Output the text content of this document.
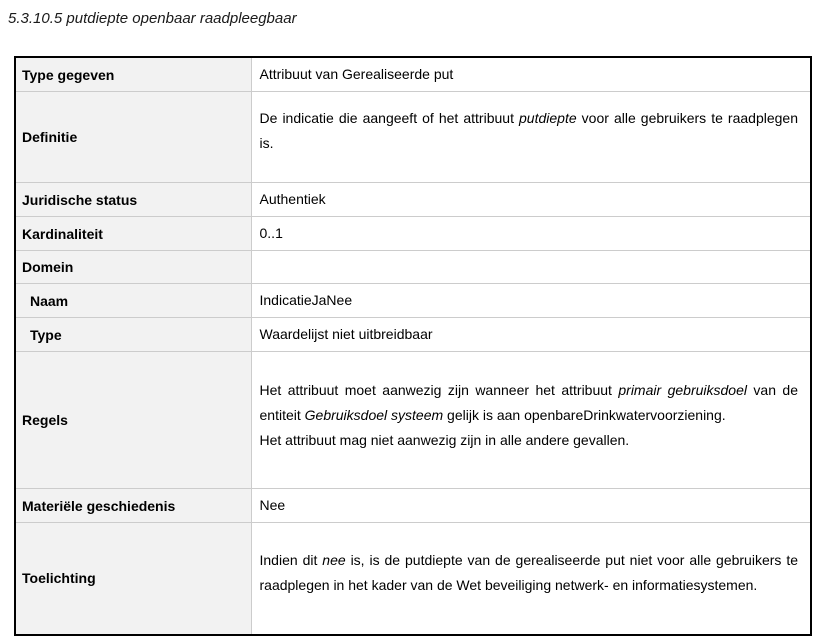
5.3.10.5 putdiepte openbaar raadpleegbaar
Type gegeven	Attribuut van Gerealiseerde put

Definitie	De indicatie die aangeeft of het attribuut putdiepte voor alle gebruikers te raadplegen is.

Juridische status	Authentiek

Kardinaliteit	0..1

Domein	
Naam	IndicatieJaNee

Type	Waardelijst niet uitbreidbaar

Regels	Het attribuut moet aanwezig zijn wanneer het attribuut primair gebruiksdoel van de entiteit Gebruiksdoel systeem gelijk is aan openbareDrinkwatervoorziening.

Het attribuut mag niet aanwezig zijn in alle andere gevallen.

Materiële geschiedenis	Nee

Toelichting	Indien dit nee is, is de putdiepte van de gerealiseerde put niet voor alle gebruikers te raadplegen in het kader van de Wet beveiliging netwerk- en informatiesystemen.
